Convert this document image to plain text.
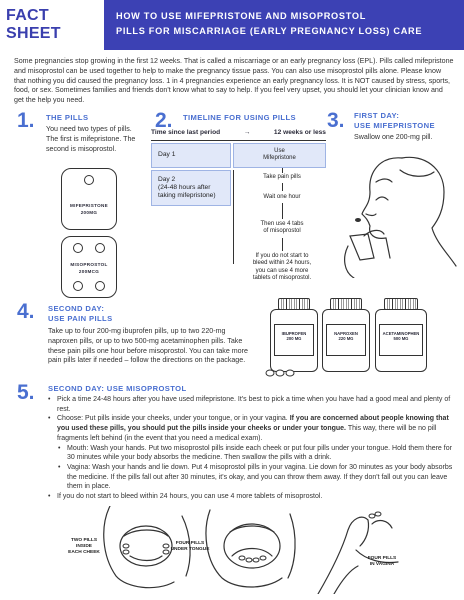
FACT SHEET
HOW TO USE MIFEPRISTONE AND MISOPROSTOL
PILLS FOR MISCARRIAGE (EARLY PREGNANCY LOSS) CARE
Some pregnancies stop growing in the first 12 weeks. That is called a miscarriage or an early pregnancy loss (EPL). Pills called mifepristone and misoprostol can be used together to help to make the pregnancy tissue pass. You can also use misoprostol pills alone. Please know that nothing you did caused the pregnancy loss. 1 in 4 pregnancies experience an early pregnancy loss. It is NOT caused by stress, sports, food, or sex. Sometimes families and friends don't know what to say to help. If you feel very upset, you should let your clinician know and get the help you need.
1. THE PILLS
You need two types of pills. The first is mifepristone. The second is misoprostol.
MIFEPRISTONE
200MG
MISOPROSTOL
200MCG
2. TIMELINE FOR USING PILLS
Time since last period	→	12 weeks or less
Day 1	Use
Mifepristone
Day 2
(24-48 hours after
taking mifepristone)
Take pain pills
Wait one hour
Then use 4 tabs
of misoprostol
If you do not start to
bleed within 24 hours,
you can use 4 more
tablets of misoprostol.
3. FIRST DAY:
USE MIFEPRISTONE
Swallow one 200-mg pill.
4. SECOND DAY:
USE PAIN PILLS
Take up to four 200-mg ibuprofen pills, up to two 220-mg naproxen pills, or up to two 500-mg acetaminophen pills. Take these pain pills one hour before misoprostol. You can take more pain pills later if needed – follow the directions on the package.
IBUPROFEN
200 MG
NAPROXEN
220 MG
ACETAMINOPHEN
500 MG
5. SECOND DAY: USE MISOPROSTOL
• Pick a time 24-48 hours after you have used mifepristone. It's best to pick a time when you have had a good meal and plenty of rest.
• Choose: Put pills inside your cheeks, under your tongue, or in your vagina. If you are concerned about people knowing that you used these pills, you should put the pills inside your cheeks or under your tongue. This way, there will be no pill fragments left behind (in the event that you need a medical exam).
• Mouth: Wash your hands. Put two misoprostol pills inside each cheek or put four pills under your tongue. Hold them there for 30 minutes while your body absorbs the medicine. Then swallow the pills with a drink.
• Vagina: Wash your hands and lie down. Put 4 misoprostol pills in your vagina. Lie down for 30 minutes as your body absorbs the medicine. If the pills fall out after 30 minutes, it's okay, and you can throw them away. If they don't fall out you can leave them in place.
• If you do not start to bleed within 24 hours, you can use 4 more tablets of misoprostol.
TWO PILLS
INSIDE
EACH CHEEK
FOUR PILLS
UNDER TONGUE
FOUR PILLS
IN VAGINA
